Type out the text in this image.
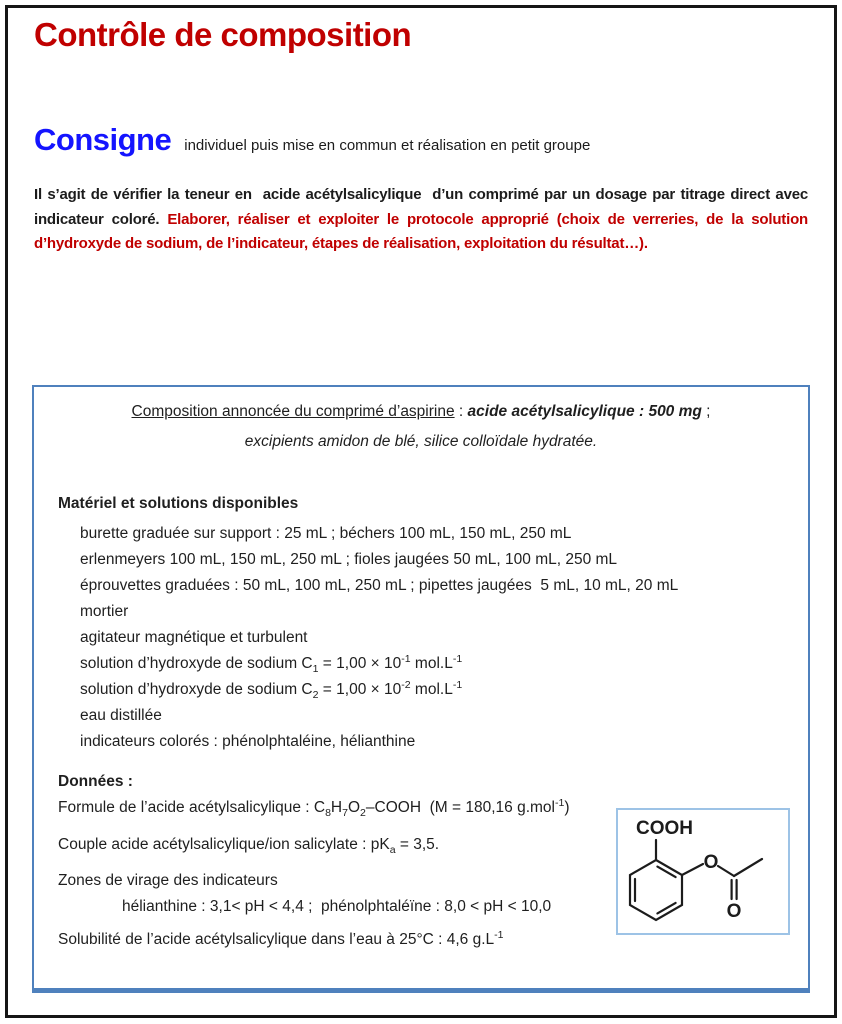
Contrôle de composition
Consigne individuel puis mise en commun et réalisation en petit groupe
Il s’agit de vérifier la teneur en  acide acétylsalicylique  d’un comprimé par un dosage par titrage direct avec indicateur coloré. Elaborer, réaliser et exploiter le protocole approprié (choix de verreries, de la solution d’hydroxyde de sodium, de l’indicateur, étapes de réalisation, exploitation du résultat…).
Composition annoncée du comprimé d’aspirine : acide acétylsalicylique : 500 mg ;
excipients amidon de blé, silice colloïdale hydratée.
Matériel et solutions disponibles
burette graduée sur support : 25 mL ; béchers 100 mL, 150 mL, 250 mL
erlenmeyers 100 mL, 150 mL, 250 mL ; fioles jaugées 50 mL, 100 mL, 250 mL
éprouvettes graduées : 50 mL, 100 mL, 250 mL ; pipettes jaugées  5 mL, 10 mL, 20 mL
mortier
agitateur magnétique et turbulent
solution d’hydroxyde de sodium $C_1 = 1,00 \times 10^{-1}$ $mol.L^{-1}$
solution d’hydroxyde de sodium $C_2 = 1,00 \times 10^{-2}$ $mol.L^{-1}$
eau distillée
indicateurs colorés : phénolphtaléine, hélianthine
Données :
Formule de l’acide acétylsalicylique : $C_8H_7O_2$–COOH  (M = 180,16 g.mol$^{-1}$)
Couple acide acétylsalicylique/ion salicylate : $pK_a = 3,5$.
Zones de virage des indicateurs
hélianthine : 3,1< pH < 4,4 ;  phénolphtaléïne : 8,0 < pH < 10,0
Solubilité de l’acide acétylsalicylique dans l’eau à 25°C : 4,6 $g.L^{-1}$
COOH
O
O
